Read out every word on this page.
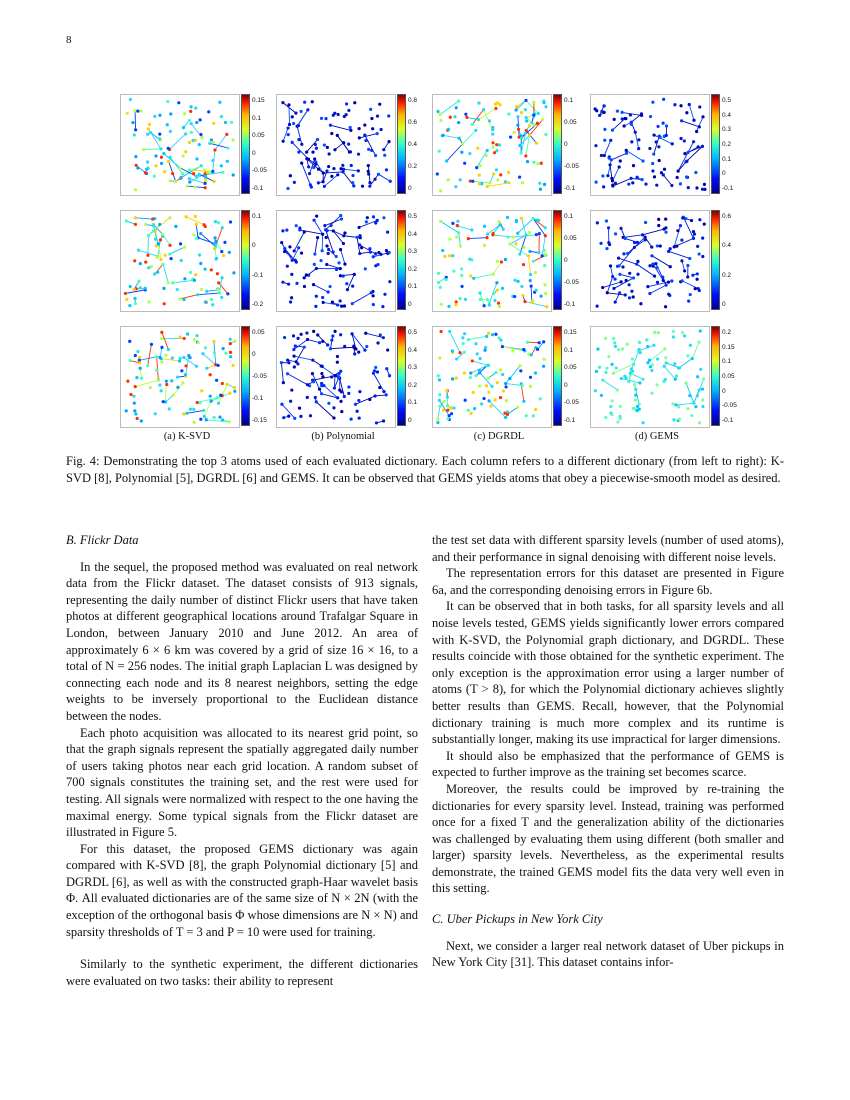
8
0.15
0.1
0.05
0
-0.05
-0.1
0.1
0
-0.1
-0.2
0.05
0
-0.05
-0.1
-0.15
(a) K-SVD
0.8
0.6
0.4
0.2
0
0.5
0.4
0.3
0.2
0.1
0
0.5
0.4
0.3
0.2
0.1
0
(b) Polynomial
0.1
0.05
0
-0.05
-0.1
0.1
0.05
0
-0.05
-0.1
0.15
0.1
0.05
0
-0.05
-0.1
(c) DGRDL
0.5
0.4
0.3
0.2
0.1
0
-0.1
0.6
0.4
0.2
0
0.2
0.15
0.1
0.05
0
-0.05
-0.1
(d) GEMS
Fig. 4: Demonstrating the top 3 atoms used of each evaluated dictionary. Each column refers to a different dictionary (from left to right): K-SVD [8], Polynomial [5], DGRDL [6] and GEMS. It can be observed that GEMS yields atoms that obey a piecewise-smooth model as desired.
B. Flickr Data

In the sequel, the proposed method was evaluated on real network data from the Flickr dataset. The dataset consists of 913 signals, representing the daily number of distinct Flickr users that have taken photos at different geographical locations around Trafalgar Square in London, between January 2010 and June 2012. An area of approximately 6 × 6 km was covered by a grid of size 16 × 16, to a total of N = 256 nodes. The initial graph Laplacian L was designed by connecting each node and its 8 nearest neighbors, setting the edge weights to be inversely proportional to the Euclidean distance between the nodes.

Each photo acquisition was allocated to its nearest grid point, so that the graph signals represent the spatially aggregated daily number of users taking photos near each grid location. A random subset of 700 signals constitutes the training set, and the rest were used for testing. All signals were normalized with respect to the one having the maximal energy. Some typical signals from the Flickr dataset are illustrated in Figure 5.

For this dataset, the proposed GEMS dictionary was again compared with K-SVD [8], the graph Polynomial dictionary [5] and DGRDL [6], as well as with the constructed graph-Haar wavelet basis Φ. All evaluated dictionaries are of the same size of N × 2N (with the exception of the orthogonal basis Φ whose dimensions are N × N) and sparsity thresholds of T = 3 and P = 10 were used for training.

Similarly to the synthetic experiment, the different dictionaries were evaluated on two tasks: their ability to represent

the test set data with different sparsity levels (number of used atoms), and their performance in signal denoising with different noise levels.

The representation errors for this dataset are presented in Figure 6a, and the corresponding denoising errors in Figure 6b.

It can be observed that in both tasks, for all sparsity levels and all noise levels tested, GEMS yields significantly lower errors compared with K-SVD, the Polynomial graph dictionary, and DGRDL. These results coincide with those obtained for the synthetic experiment. The only exception is the approximation error using a larger number of atoms (T > 8), for which the Polynomial dictionary achieves slightly better results than GEMS. Recall, however, that the Polynomial dictionary training is much more complex and its runtime is substantially longer, making its use impractical for larger dimensions.

It should also be emphasized that the performance of GEMS is expected to further improve as the training set becomes scarce.

Moreover, the results could be improved by re-training the dictionaries for every sparsity level. Instead, training was performed once for a fixed T and the generalization ability of the dictionaries was challenged by evaluating them using different (both smaller and larger) sparsity levels. Nevertheless, as the experimental results demonstrate, the trained GEMS model fits the data very well even in this setting.

C. Uber Pickups in New York City

Next, we consider a larger real network dataset of Uber pickups in New York City [31]. This dataset contains infor-
